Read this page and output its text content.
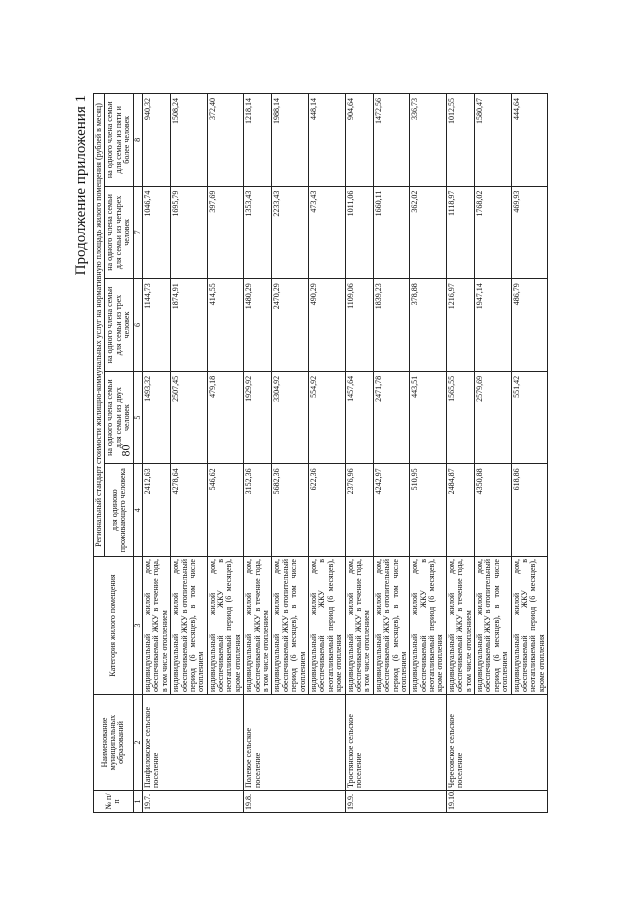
80
Продолжение приложения 1
№ п/п	Наименование муниципальных образований	Категория жилого помещения	Региональный стандарт стоимости жилищно-коммунальных услуг на нормативную площадь жилого помещения (рублей в месяц)				
			для одиноко проживающего человека	на одного члена семьи для семьи из двух человек	на одного члена семьи для семьи из трех человек	на одного члена семьи для семьи из четырех человек	на одного члена семьи для семьи из пяти и более человек
1	2	3	4	5	6	7	8
19.7.	Панфиловское сельское поселение	индивидуальный жилой дом, обеспечиваемый ЖКУ в течение года, в том числе отоплением	2412,63	1493,32	1144,73	1046,74	940,32
		индивидуальный жилой дом, обеспечиваемый ЖКУ в отопительный период (6 месяцев), в том числе отоплением	4278,64	2507,45	1874,91	1695,79	1508,24
		индивидуальный жилой дом, обеспечиваемый ЖКУ в неотапливаемый период (6 месяцев), кроме отопления	546,62	479,18	414,55	397,69	372,40
19.8.	Полевое сельское поселение	индивидуальный жилой дом, обеспечиваемый ЖКУ в течение года, в том числе отоплением	3152,36	1929,92	1480,29	1353,43	1218,14
		индивидуальный жилой дом, обеспечиваемый ЖКУ в отопительный период (6 месяцев), в том числе отоплением	5682,36	3304,92	2470,29	2233,43	1988,14
		индивидуальный жилой дом, обеспечиваемый ЖКУ в неотапливаемый период (6 месяцев), кроме отопления	622,36	554,92	490,29	473,43	448,14
19.9.	Тростянское сельское поселение	индивидуальный жилой дом, обеспечиваемый ЖКУ в течение года, в том числе отоплением	2376,96	1457,64	1109,06	1011,06	904,64
		индивидуальный жилой дом, обеспечиваемый ЖКУ в отопительный период (6 месяцев), в том числе отоплением	4242,97	2471,78	1839,23	1660,11	1472,56
		индивидуальный жилой дом, обеспечиваемый ЖКУ в неотапливаемый период (6 месяцев), кроме отопления	510,95	443,51	378,88	362,02	336,73
19.10.	Чересовское сельское поселение	индивидуальный жилой дом, обеспечиваемый ЖКУ в течение года, в том числе отоплением	2484,87	1565,55	1216,97	1118,97	1012,55
		индивидуальный жилой дом, обеспечиваемый ЖКУ в отопительный период (6 месяцев), в том числе отоплением	4350,88	2579,69	1947,14	1768,02	1580,47
		индивидуальный жилой дом, обеспечиваемый ЖКУ в неотапливаемый период (6 месяцев), кроме отопления	618,86	551,42	486,79	469,93	444,64
